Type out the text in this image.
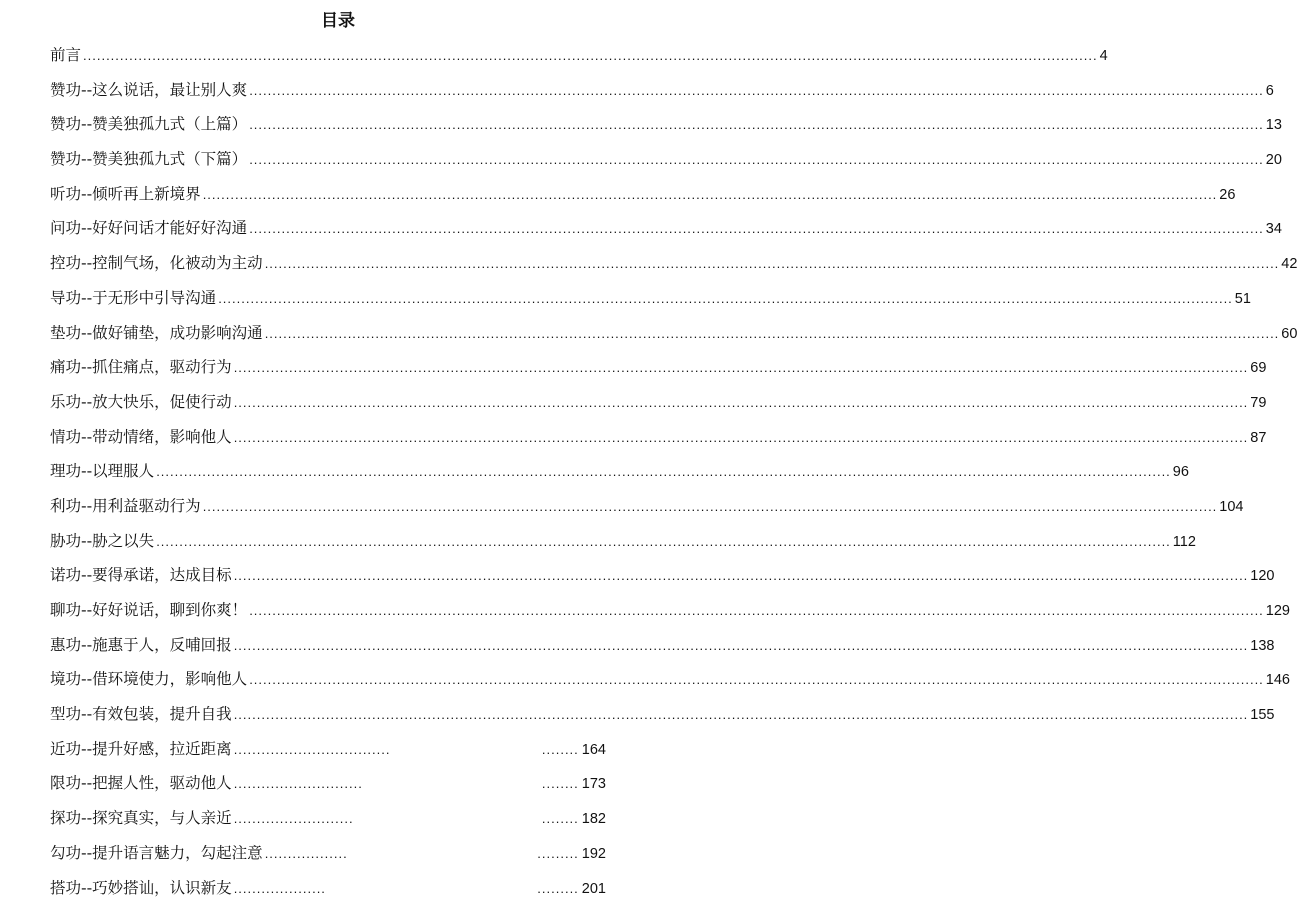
目录
前言 ............................................................................................................................................................................................................................ 4
赞功--这么说话，最让别人爽 ............................................................................................................................................................................................................................ 6
赞功--赞美独孤九式（上篇） ............................................................................................................................................................................................................................ 13
赞功--赞美独孤九式（下篇） ............................................................................................................................................................................................................................ 20
听功--倾听再上新境界 ............................................................................................................................................................................................................................ 26
问功--好好问话才能好好沟通 ............................................................................................................................................................................................................................ 34
控功--控制气场，化被动为主动 ............................................................................................................................................................................................................................ 42
导功--于无形中引导沟通 ............................................................................................................................................................................................................................ 51
垫功--做好铺垫，成功影响沟通 ............................................................................................................................................................................................................................ 60
痛功--抓住痛点，驱动行为 ............................................................................................................................................................................................................................ 69
乐功--放大快乐，促使行动 ............................................................................................................................................................................................................................ 79
情功--带动情绪，影响他人 ............................................................................................................................................................................................................................ 87
理功--以理服人 ............................................................................................................................................................................................................................ 96
利功--用利益驱动行为 ............................................................................................................................................................................................................................ 104
胁功--胁之以失 ............................................................................................................................................................................................................................ 112
诺功--要得承诺，达成目标 ............................................................................................................................................................................................................................ 120
聊功--好好说话，聊到你爽！ ............................................................................................................................................................................................................................ 129
惠功--施惠于人，反哺回报 ............................................................................................................................................................................................................................ 138
境功--借环境使力，影响他人 ............................................................................................................................................................................................................................ 146
型功--有效包装，提升自我 ............................................................................................................................................................................................................................ 155
近功--提升好感，拉近距离 ..................................	........ 164
限功--把握人性，驱动他人 ............................	........ 173
探功--探究真实，与人亲近 ..........................	........ 182
勾功--提升语言魅力，勾起注意 ..................	......... 192
搭功--巧妙搭讪，认识新友 ....................	......... 201
